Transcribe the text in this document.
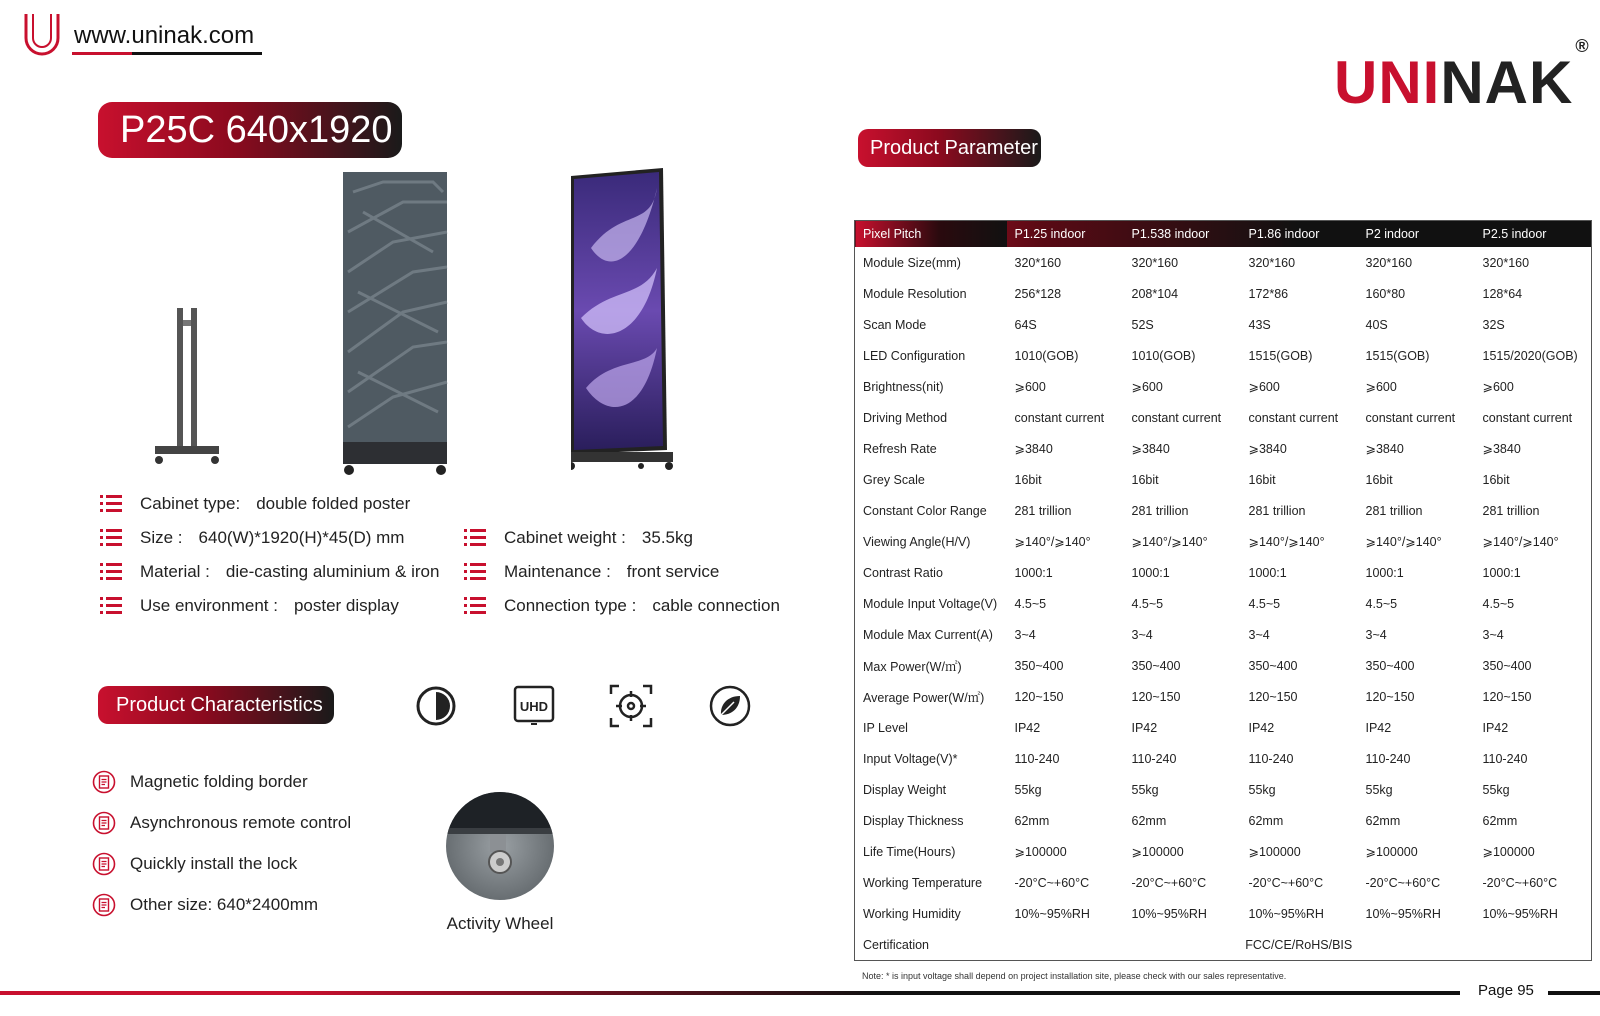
www.uninak.com
UNINAK®
P25C 640x1920
Cabinet type: double folded poster
Size : 640(W)*1920(H)*45(D) mm
Material : die-casting aluminium & iron
Use environment : poster display
Cabinet weight : 35.5kg
Maintenance : front service
Connection type : cable connection
Product Characteristics	UHD
Magnetic folding border
Asynchronous remote control
Quickly install the lock
Other size: 640*2400mm
Activity Wheel
Product Parameter
Pixel Pitch	P1.25 indoor	P1.538 indoor	P1.86 indoor	P2 indoor	P2.5 indoor
Module Size(mm)	320*160	320*160	320*160	320*160	320*160
Module Resolution	256*128	208*104	172*86	160*80	128*64
Scan Mode	64S	52S	43S	40S	32S
LED Configuration	1010(GOB)	1010(GOB)	1515(GOB)	1515(GOB)	1515/2020(GOB)
Brightness(nit)	⩾600	⩾600	⩾600	⩾600	⩾600
Driving Method	constant current	constant current	constant current	constant current	constant current
Refresh Rate	⩾3840	⩾3840	⩾3840	⩾3840	⩾3840
Grey Scale	16bit	16bit	16bit	16bit	16bit
Constant Color Range	281 trillion	281 trillion	281 trillion	281 trillion	281 trillion
Viewing Angle(H/V)	⩾140°/⩾140°	⩾140°/⩾140°	⩾140°/⩾140°	⩾140°/⩾140°	⩾140°/⩾140°
Contrast Ratio	1000:1	1000:1	1000:1	1000:1	1000:1
Module Input Voltage(V)	4.5~5	4.5~5	4.5~5	4.5~5	4.5~5
Module Max Current(A)	3~4	3~4	3~4	3~4	3~4
Max Power(W/㎡)	350~400	350~400	350~400	350~400	350~400
Average Power(W/㎡)	120~150	120~150	120~150	120~150	120~150
IP Level	IP42	IP42	IP42	IP42	IP42
Input Voltage(V)*	110-240	110-240	110-240	110-240	110-240
Display Weight	55kg	55kg	55kg	55kg	55kg
Display Thickness	62mm	62mm	62mm	62mm	62mm
Life Time(Hours)	⩾100000	⩾100000	⩾100000	⩾100000	⩾100000
Working Temperature	-20°C~+60°C	-20°C~+60°C	-20°C~+60°C	-20°C~+60°C	-20°C~+60°C
Working Humidity	10%~95%RH	10%~95%RH	10%~95%RH	10%~95%RH	10%~95%RH
Certification	FCC/CE/RoHS/BIS				
Note: * is input voltage shall depend on project installation site, please check with our sales representative.
Page 95
